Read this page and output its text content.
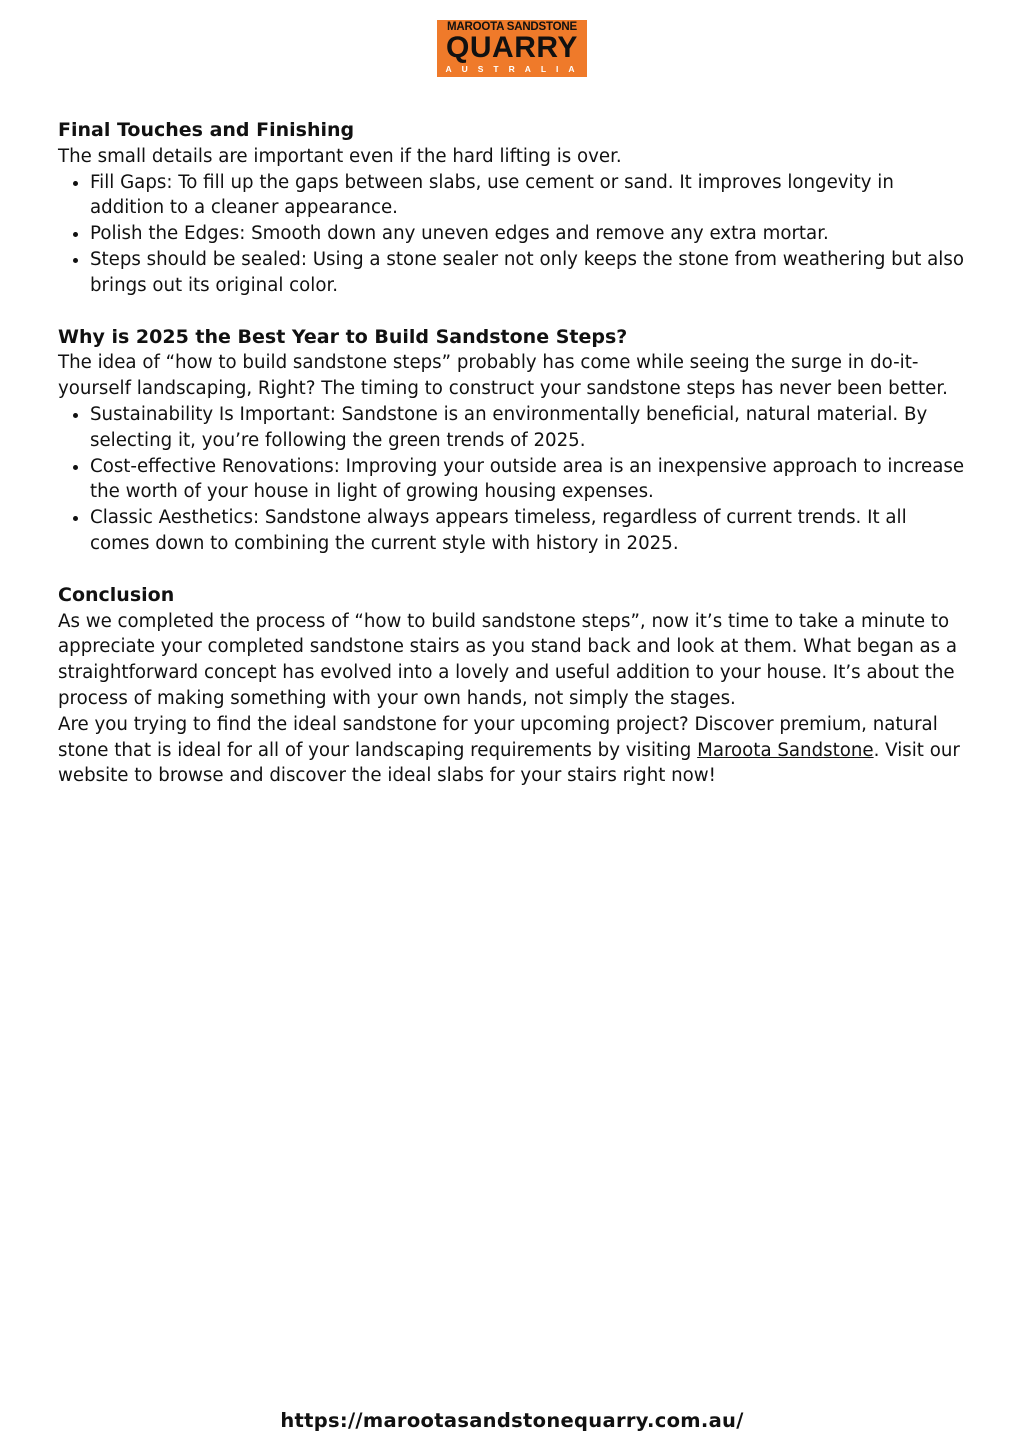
MAROOTA SANDSTONE
QUARRY
AUSTRALIA

Final Touches and Finishing

The small details are important even if the hard lifting is over.

• Fill Gaps: To fill up the gaps between slabs, use cement or sand. It improves longevity in addition to a cleaner appearance.
• Polish the Edges: Smooth down any uneven edges and remove any extra mortar.
• Steps should be sealed: Using a stone sealer not only keeps the stone from weathering but also brings out its original color.

Why is 2025 the Best Year to Build Sandstone Steps?

The idea of “how to build sandstone steps” probably has come while seeing the surge in do-it-yourself landscaping, Right? The timing to construct your sandstone steps has never been better.

• Sustainability Is Important: Sandstone is an environmentally beneficial, natural material. By selecting it, you’re following the green trends of 2025.
• Cost-effective Renovations: Improving your outside area is an inexpensive approach to increase the worth of your house in light of growing housing expenses.
• Classic Aesthetics: Sandstone always appears timeless, regardless of current trends. It all comes down to combining the current style with history in 2025.

Conclusion

As we completed the process of “how to build sandstone steps”, now it’s time to take a minute to appreciate your completed sandstone stairs as you stand back and look at them. What began as a straightforward concept has evolved into a lovely and useful addition to your house. It’s about the process of making something with your own hands, not simply the stages.

Are you trying to find the ideal sandstone for your upcoming project? Discover premium, natural stone that is ideal for all of your landscaping requirements by visiting Maroota Sandstone. Visit our website to browse and discover the ideal slabs for your stairs right now!

https://marootasandstonequarry.com.au/
